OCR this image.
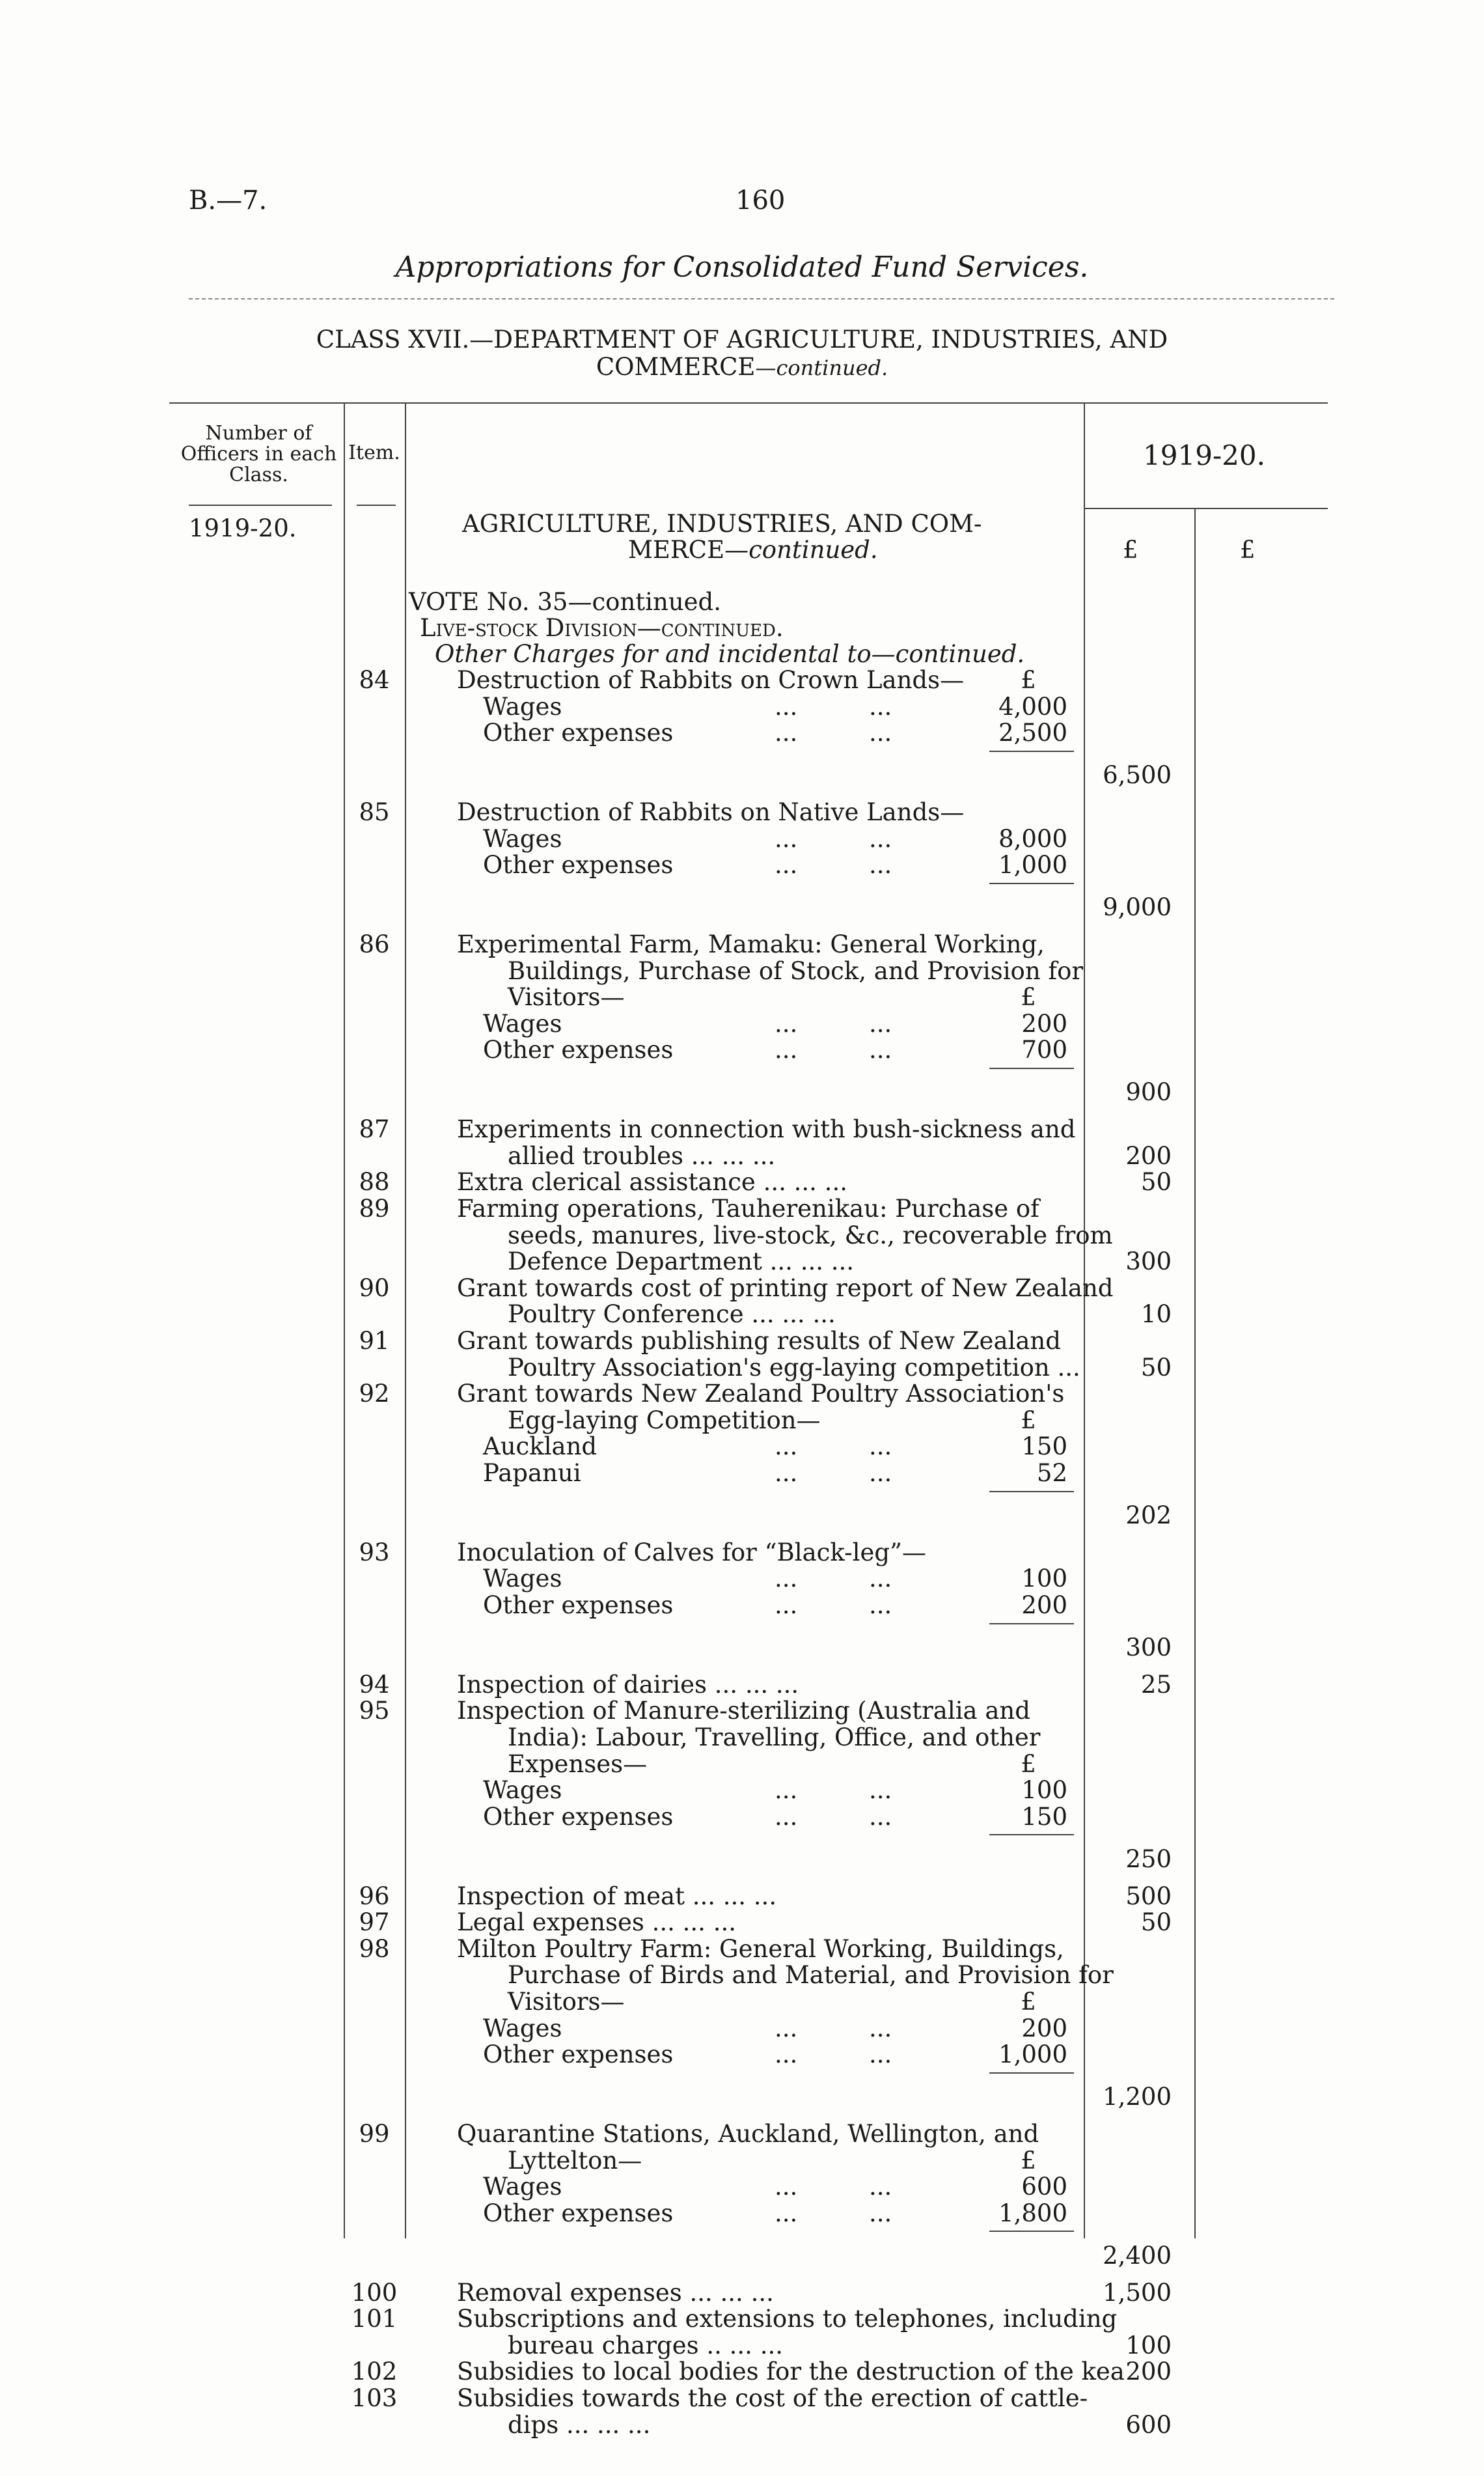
B.—7.	160
Appropriations for Consolidated Fund Services.
CLASS XVII.—DEPARTMENT OF AGRICULTURE, INDUSTRIES, AND
COMMERCE—continued.
Number of Officers in each Class.
Item.	1919-20.
1919-20.
£	£
AGRICULTURE, INDUSTRIES, AND COM-
MERCE—continued.
VOTE No. 35—continued.
Live-stock Division—continued.
Other Charges for and incidental to—continued.
84	Destruction of Rabbits on Crown Lands—	£
Wages	...	...	4,000
Other expenses	...	...	2,500
6,500
85	Destruction of Rabbits on Native Lands—
Wages	...	...	8,000
Other expenses	...	...	1,000
9,000
86	Experimental Farm, Mamaku: General Working,
Buildings, Purchase of Stock, and Provision for
Visitors—	£
Wages	...	...	200
Other expenses	...	...	700
900
87	Experiments in connection with bush-sickness and
allied troubles ... ... ...	200
88	Extra clerical assistance ... ... ...	50
89	Farming operations, Tauherenikau: Purchase of
seeds, manures, live-stock, &c., recoverable from
Defence Department ... ... ...	300
90	Grant towards cost of printing report of New Zealand
Poultry Conference ... ... ...	10
91	Grant towards publishing results of New Zealand
Poultry Association's egg-laying competition ...	50
92	Grant towards New Zealand Poultry Association's
Egg-laying Competition—	£
Auckland	...	...	150
Papanui	...	...	52
202
93	Inoculation of Calves for “Black-leg”—
Wages	...	...	100
Other expenses	...	...	200
300
94	Inspection of dairies ... ... ...	25
95	Inspection of Manure-sterilizing (Australia and
India): Labour, Travelling, Office, and other
Expenses—	£
Wages	...	...	100
Other expenses	...	...	150
250
96	Inspection of meat ... ... ...	500
97	Legal expenses ... ... ...	50
98	Milton Poultry Farm: General Working, Buildings,
Purchase of Birds and Material, and Provision for
Visitors—	£
Wages	...	...	200
Other expenses	...	...	1,000
1,200
99	Quarantine Stations, Auckland, Wellington, and
Lyttelton—	£
Wages	...	...	600
Other expenses	...	...	1,800
2,400
100 Removal expenses ... ... ...	1,500
101 Subscriptions and extensions to telephones, including
bureau charges .. ... ...	100
102 Subsidies to local bodies for the destruction of the kea 200
103 Subsidies towards the cost of the erection of cattle-
dips ... ... ...	600
